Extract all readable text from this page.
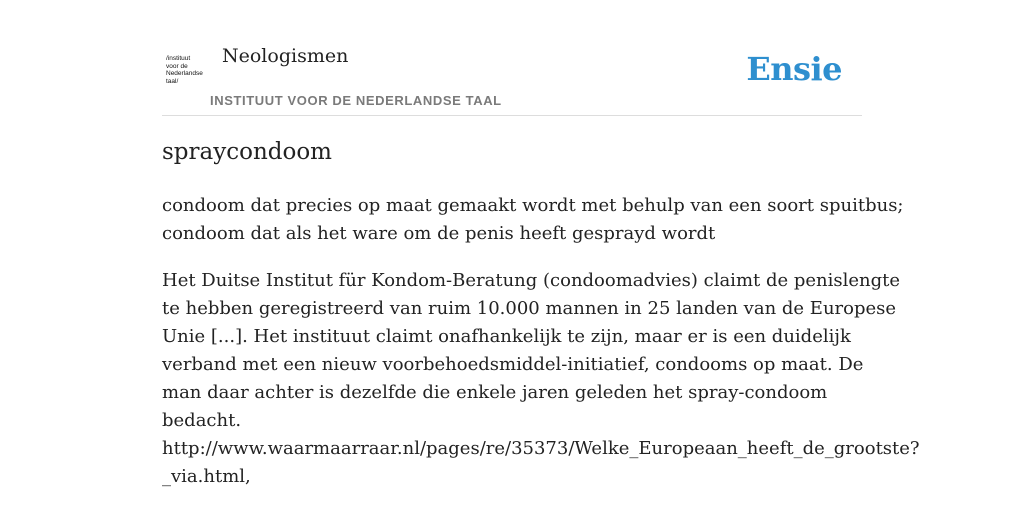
/instituut
voor de
Nederlandse
taal/
Neologismen
INSTITUUT VOOR DE NEDERLANDSE TAAL
Ensie
spraycondoom

condoom dat precies op maat gemaakt wordt met behulp van een soort spuitbus;
condoom dat als het ware om de penis heeft gesprayd wordt

Het Duitse Institut für Kondom-Beratung (condoomadvies) claimt de penislengte
te hebben geregistreerd van ruim 10.000 mannen in 25 landen van de Europese
Unie [...]. Het instituut claimt onafhankelijk te zijn, maar er is een duidelijk
verband met een nieuw voorbehoedsmiddel-initiatief, condooms op maat. De
man daar achter is dezelfde die enkele jaren geleden het spray-condoom
bedacht.
http://www.waarmaarraar.nl/pages/re/35373/Welke_Europeaan_heeft_de_grootste?
_via.html,
